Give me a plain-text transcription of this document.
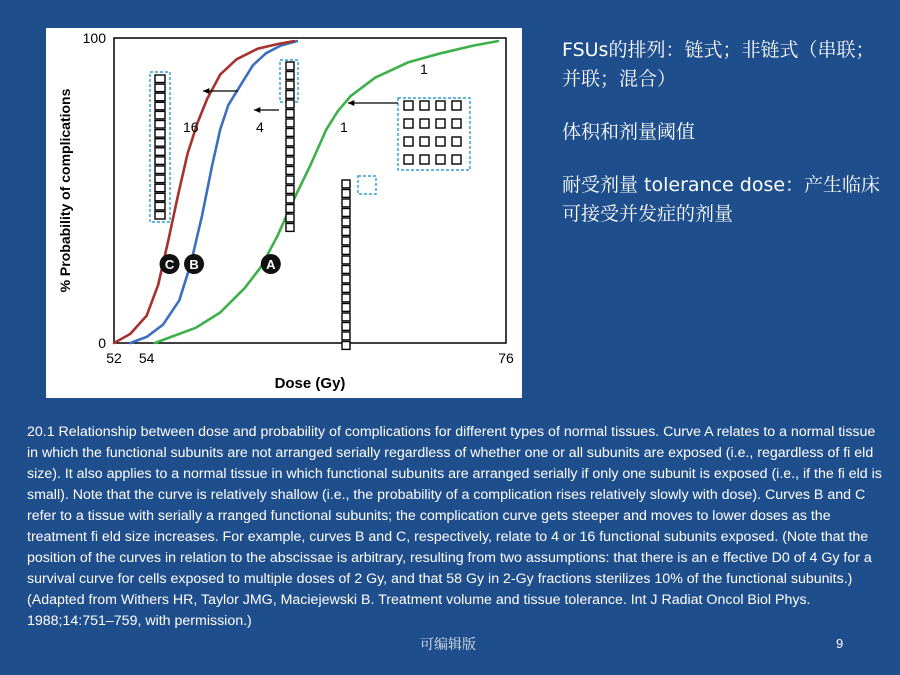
52 54	76
0
100
Dose (Gy)
% Probability of complications	C B	A
16	4	1
1

FSUs的排列：链式；非链式（串联；并联；混合）

体积和剂量阈值

耐受剂量 tolerance dose：产生临床可接受并发症的剂量

20.1 Relationship between dose and probability of complications for different types of normal tissues. Curve A relates to a normal tissue in which the functional subunits are not arranged serially regardless of whether one or all subunits are exposed (i.e., regardless of fi eld size). It also applies to a normal tissue in which functional subunits are arranged serially if only one subunit is exposed (i.e., if the fi eld is small). Note that the curve is relatively shallow (i.e., the probability of a complication rises relatively slowly with dose). Curves B and C refer to a tissue with serially a rranged functional subunits; the complication curve gets steeper and moves to lower doses as the treatment fi eld size increases. For example, curves B and C, respectively, relate to 4 or 16 functional subunits exposed. (Note that the position of the curves in relation to the abscissae is arbitrary, resulting from two assumptions: that there is an e ffective D0 of 4 Gy for a survival curve for cells exposed to multiple doses of 2 Gy, and that 58 Gy in 2-Gy fractions sterilizes 10% of the functional subunits.) (Adapted from Withers HR, Taylor JMG, Maciejewski B. Treatment volume and tissue tolerance. Int J Radiat Oncol Biol Phys. 1988;14:751–759, with permission.)

可编辑版	9
